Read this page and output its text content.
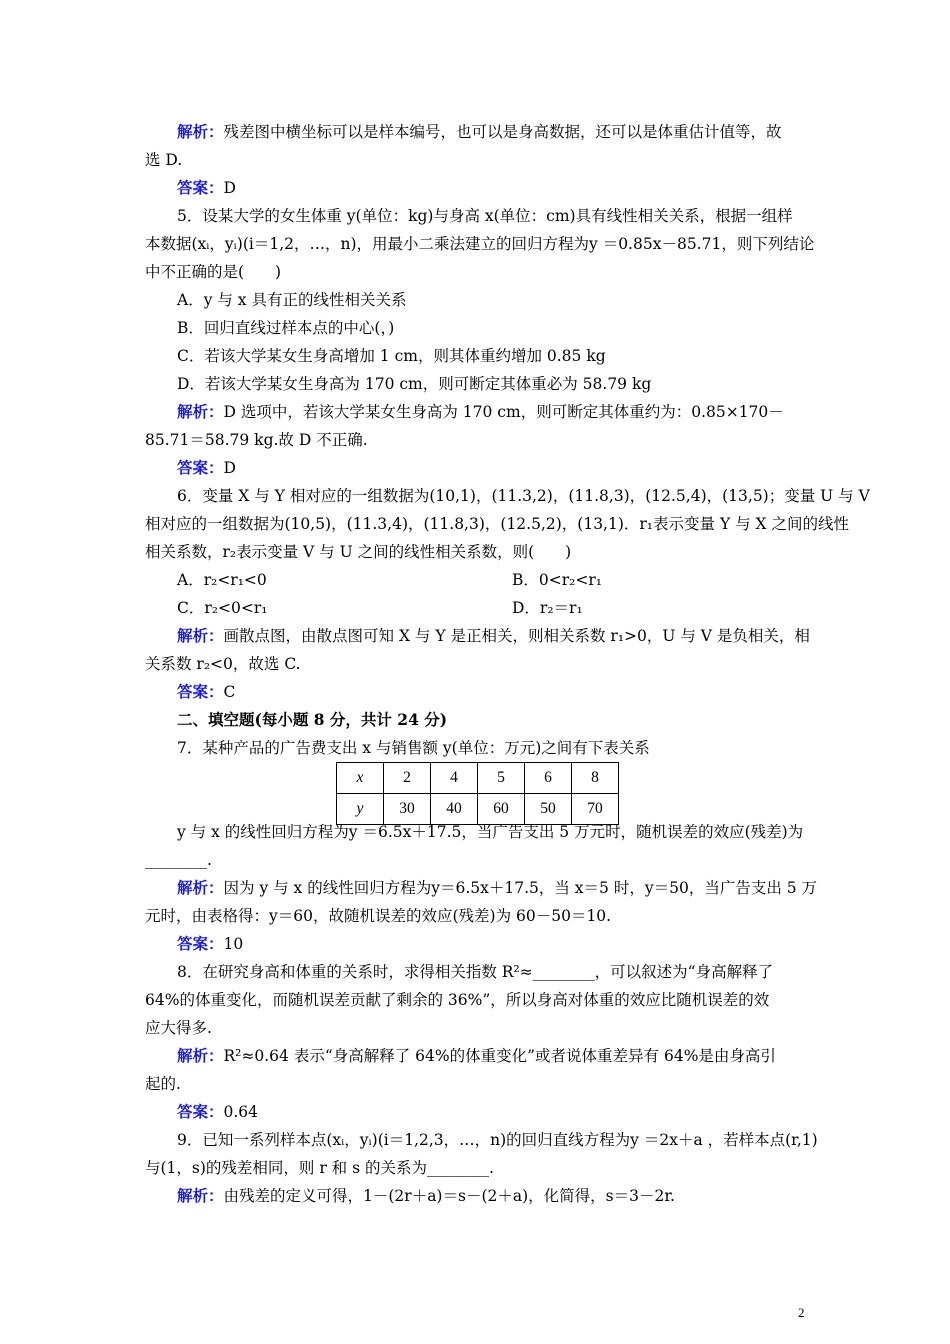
解析：残差图中横坐标可以是样本编号，也可以是身高数据，还可以是体重估计值等，故
选 D.
答案：D
5．设某大学的女生体重 y(单位：kg)与身高 x(单位：cm)具有线性相关关系，根据一组样
本数据(xᵢ，yᵢ)(i＝1,2，…，n)，用最小二乘法建立的回归方程为y ＝0.85x－85.71，则下列结论
中不正确的是(　　)
A．y 与 x 具有正的线性相关关系
B．回归直线过样本点的中心(，)
C．若该大学某女生身高增加 1 cm，则其体重约增加 0.85 kg
D．若该大学某女生身高为 170 cm，则可断定其体重必为 58.79 kg
解析：D 选项中，若该大学某女生身高为 170 cm，则可断定其体重约为：0.85×170－
85.71＝58.79 kg.故 D 不正确.
答案：D
6．变量 X 与 Y 相对应的一组数据为(10,1)，(11.3,2)，(11.8,3)，(12.5,4)，(13,5)；变量 U 与 V
相对应的一组数据为(10,5)，(11.3,4)，(11.8,3)，(12.5,2)，(13,1)．r₁表示变量 Y 与 X 之间的线性
相关系数，r₂表示变量 V 与 U 之间的线性相关系数，则(　　)
A．r₂<r₁<0	B．0<r₂<r₁
C．r₂<0<r₁	D．r₂＝r₁
解析：画散点图，由散点图可知 X 与 Y 是正相关，则相关系数 r₁>0，U 与 V 是负相关，相
关系数 r₂<0，故选 C.
答案：C
二、填空题(每小题 8 分，共计 24 分)
7．某种产品的广告费支出 x 与销售额 y(单位：万元)之间有下表关系
x	2	4	5	6	8
y	30	40	60	50	70
y 与 x 的线性回归方程为y ＝6.5x＋17.5，当广告支出 5 万元时，随机误差的效应(残差)为
________.
解析：因为 y 与 x 的线性回归方程为y＝6.5x＋17.5，当 x＝5 时，y＝50，当广告支出 5 万
元时，由表格得：y＝60，故随机误差的效应(残差)为 60－50＝10.
答案：10
8．在研究身高和体重的关系时，求得相关指数 R²≈________，可以叙述为“身高解释了
64%的体重变化，而随机误差贡献了剩余的 36%”，所以身高对体重的效应比随机误差的效
应大得多.
解析：R²≈0.64 表示“身高解释了 64%的体重变化”或者说体重差异有 64%是由身高引
起的.
答案：0.64
9．已知一系列样本点(xᵢ，yᵢ)(i＝1,2,3，…，n)的回归直线方程为y ＝2x＋a ，若样本点(r,1)
与(1，s)的残差相同，则 r 和 s 的关系为________.
解析：由残差的定义可得，1－(2r＋a)＝s－(2＋a)，化简得，s＝3－2r.
2
